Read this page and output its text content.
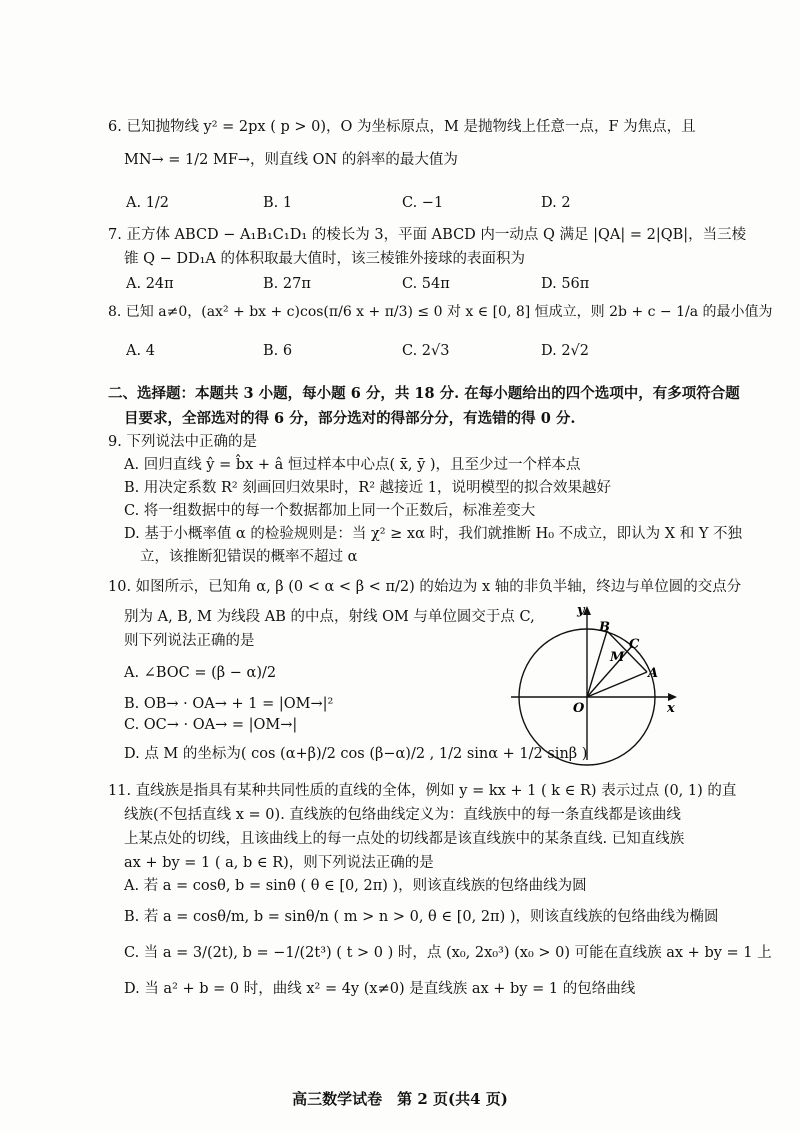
6. 已知抛物线 y² = 2px ( p > 0)，O 为坐标原点，M 是抛物线上任意一点，F 为焦点，且
MN→ = 1/2 MF→，则直线 ON 的斜率的最大值为
A. 1/2	B. 1	C. −1	D. 2
7. 正方体 ABCD − A₁B₁C₁D₁ 的棱长为 3，平面 ABCD 内一动点 Q 满足 |QA| = 2|QB|，当三棱
锥 Q − DD₁A 的体积取最大值时，该三棱锥外接球的表面积为
A. 24π	B. 27π	C. 54π	D. 56π
8. 已知 a≠0，(ax² + bx + c)cos(π/6 x + π/3) ≤ 0 对 x ∈ [0, 8] 恒成立，则 2b + c − 1/a 的最小值为
A. 4	B. 6	C. 2√3	D. 2√2
二、选择题：本题共 3 小题，每小题 6 分，共 18 分. 在每小题给出的四个选项中，有多项符合题
目要求，全部选对的得 6 分，部分选对的得部分分，有选错的得 0 分.
9. 下列说法中正确的是
A. 回归直线 ŷ = b̂x + â 恒过样本中心点( x̄, ȳ )，且至少过一个样本点
B. 用决定系数 R² 刻画回归效果时，R² 越接近 1，说明模型的拟合效果越好
C. 将一组数据中的每一个数据都加上同一个正数后，标准差变大
D. 基于小概率值 α 的检验规则是：当 χ² ≥ xα 时，我们就推断 H₀ 不成立，即认为 X 和 Y 不独
立，该推断犯错误的概率不超过 α
10. 如图所示，已知角 α, β (0 < α < β < π/2) 的始边为 x 轴的非负半轴，终边与单位圆的交点分
别为 A, B, M 为线段 AB 的中点，射线 OM 与单位圆交于点 C,
则下列说法正确的是
A. ∠BOC = (β − α)/2
B. OB→ · OA→ + 1 = |OM→|²
C. OC→ · OA→ = |OM→|
D. 点 M 的坐标为( cos (α+β)/2 cos (β−α)/2 , 1/2 sinα + 1/2 sinβ )
y
x
O
A
B
C
M
11. 直线族是指具有某种共同性质的直线的全体，例如 y = kx + 1 ( k ∈ R) 表示过点 (0, 1) 的直
线族(不包括直线 x = 0). 直线族的包络曲线定义为：直线族中的每一条直线都是该曲线
上某点处的切线，且该曲线上的每一点处的切线都是该直线族中的某条直线. 已知直线族
ax + by = 1 ( a, b ∈ R)，则下列说法正确的是
A. 若 a = cosθ, b = sinθ ( θ ∈ [0, 2π) )，则该直线族的包络曲线为圆
B. 若 a = cosθ/m, b = sinθ/n ( m > n > 0, θ ∈ [0, 2π) )，则该直线族的包络曲线为椭圆
C. 当 a = 3/(2t), b = −1/(2t³) ( t > 0 ) 时，点 (x₀, 2x₀³) (x₀ > 0) 可能在直线族 ax + by = 1 上
D. 当 a² + b = 0 时，曲线 x² = 4y (x≠0) 是直线族 ax + by = 1 的包络曲线
高三数学试卷　第 2 页(共4 页)
